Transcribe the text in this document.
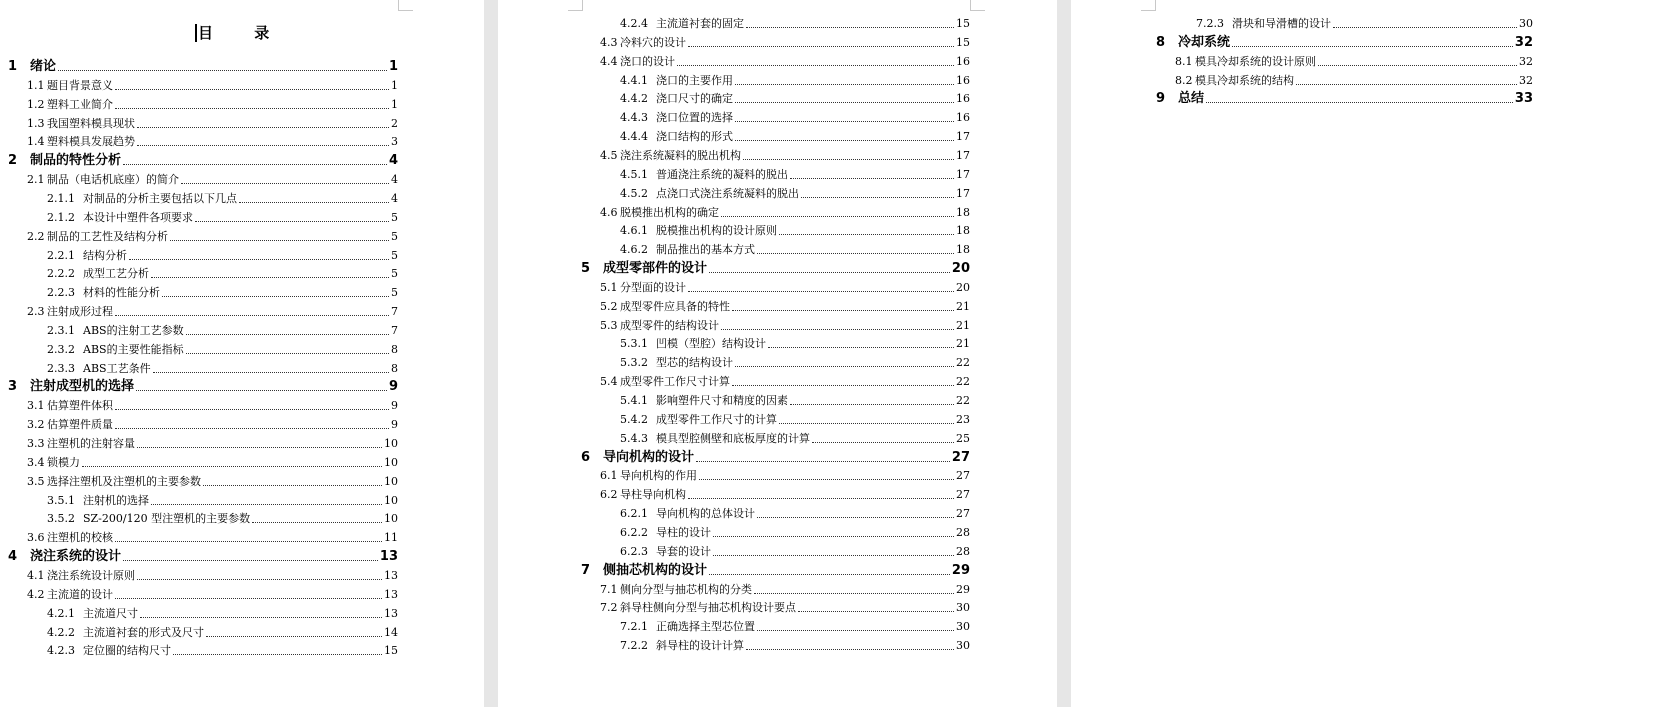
目 录
1 绪论	1
1.1 题目背景意义	1
1.2 塑料工业简介	1
1.3 我国塑料模具现状	2
1.4 塑料模具发展趋势	3
2 制品的特性分析	4
2.1 制品（电话机底座）的简介	4
2.1.1 对制品的分析主要包括以下几点	4
2.1.2 本设计中塑件各项要求	5
2.2 制品的工艺性及结构分析	5
2.2.1 结构分析	5
2.2.2 成型工艺分析	5
2.2.3 材料的性能分析	5
2.3 注射成形过程	7
2.3.1 ABS的注射工艺参数	7
2.3.2 ABS的主要性能指标	8
2.3.3 ABS工艺条件	8
3 注射成型机的选择	9
3.1 估算塑件体积	9
3.2 估算塑件质量	9
3.3 注塑机的注射容量	10
3.4 锁模力	10
3.5 选择注塑机及注塑机的主要参数	10
3.5.1 注射机的选择	10
3.5.2 SZ-200/120 型注塑机的主要参数	10
3.6 注塑机的校核	11
4 浇注系统的设计	13
4.1 浇注系统设计原则	13
4.2 主流道的设计	13
4.2.1 主流道尺寸	13
4.2.2 主流道衬套的形式及尺寸	14
4.2.3 定位圈的结构尺寸	15
4.2.4 主流道衬套的固定	15
4.3 冷料穴的设计	15
4.4 浇口的设计	16
4.4.1 浇口的主要作用	16
4.4.2 浇口尺寸的确定	16
4.4.3 浇口位置的选择	16
4.4.4 浇口结构的形式	17
4.5 浇注系统凝料的脱出机构	17
4.5.1 普通浇注系统的凝料的脱出	17
4.5.2 点浇口式浇注系统凝料的脱出	17
4.6 脱模推出机构的确定	18
4.6.1 脱模推出机构的设计原则	18
4.6.2 制品推出的基本方式	18
5 成型零部件的设计	20
5.1 分型面的设计	20
5.2 成型零件应具备的特性	21
5.3 成型零件的结构设计	21
5.3.1 凹模（型腔）结构设计	21
5.3.2 型芯的结构设计	22
5.4 成型零件工作尺寸计算	22
5.4.1 影响塑件尺寸和精度的因素	22
5.4.2 成型零件工作尺寸的计算	23
5.4.3 模具型腔侧壁和底板厚度的计算	25
6 导向机构的设计	27
6.1 导向机构的作用	27
6.2 导柱导向机构	27
6.2.1 导向机构的总体设计	27
6.2.2 导柱的设计	28
6.2.3 导套的设计	28
7 侧抽芯机构的设计	29
7.1 侧向分型与抽芯机构的分类	29
7.2 斜导柱侧向分型与抽芯机构设计要点	30
7.2.1 正确选择主型芯位置	30
7.2.2 斜导柱的设计计算	30
7.2.3 滑块和导滑槽的设计	30
8 冷却系统	32
8.1 模具冷却系统的设计原则	32
8.2 模具冷却系统的结构	32
9 总结	33
